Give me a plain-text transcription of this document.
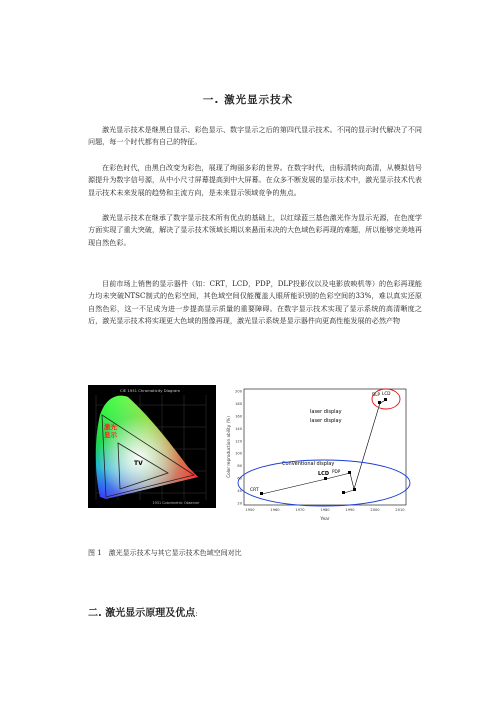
一. 激光显示技术

激光显示技术是继黑白显示、彩色显示、数字显示之后的第四代显示技术。不同的显示时代解决了不同问题，每一个时代都有自己的特征。

在彩色时代，由黑白改变为彩色，展现了绚丽多彩的世界。在数字时代，由标清转向高清，从模拟信号源提升为数字信号源，从中小尺寸屏幕提高到中大屏幕。在众多不断发展的显示技术中，激光显示技术代表显示技术未来发展的趋势和主流方向，是未来显示领域竞争的焦点。

激光显示技术在继承了数字显示技术所有优点的基础上，以红绿蓝三基色激光作为显示光源，在色度学方面实现了重大突破，解决了显示技术领域长期以来悬而未决的大色域色彩再现的难题，所以能够完美地再现自然色彩。

目前市场上销售的显示器件（如：CRT，LCD，PDP，DLP投影仪以及电影放映机等）的色彩再现能力均未突破NTSC制式的色彩空间，其色域空间仅能覆盖人眼所能识别的色彩空间的33%，难以真实还原自然色彩，这一不足成为进一步提高显示质量的重要障碍。在数字显示技术实现了显示系统的高清晰度之后，激光显示技术将实现更大色域的图像再现，激光显示系统是显示器件向更高性能发展的必然产物

CIE 1931 Chromaticity Diagram
激光
显示
TV
1931 Colorimetric Observer	20
40
60
80
100
120
140
160
180
200
1950	1960	1970	1980	1990	2000	2010
Color reproduction ability (%)
Year
laser display
laser display
DLP LCD
Conventional display
LCD PDP
CRT
图 1　激光显示技术与其它显示技术色域空间对比
二. 激光显示原理及优点:
